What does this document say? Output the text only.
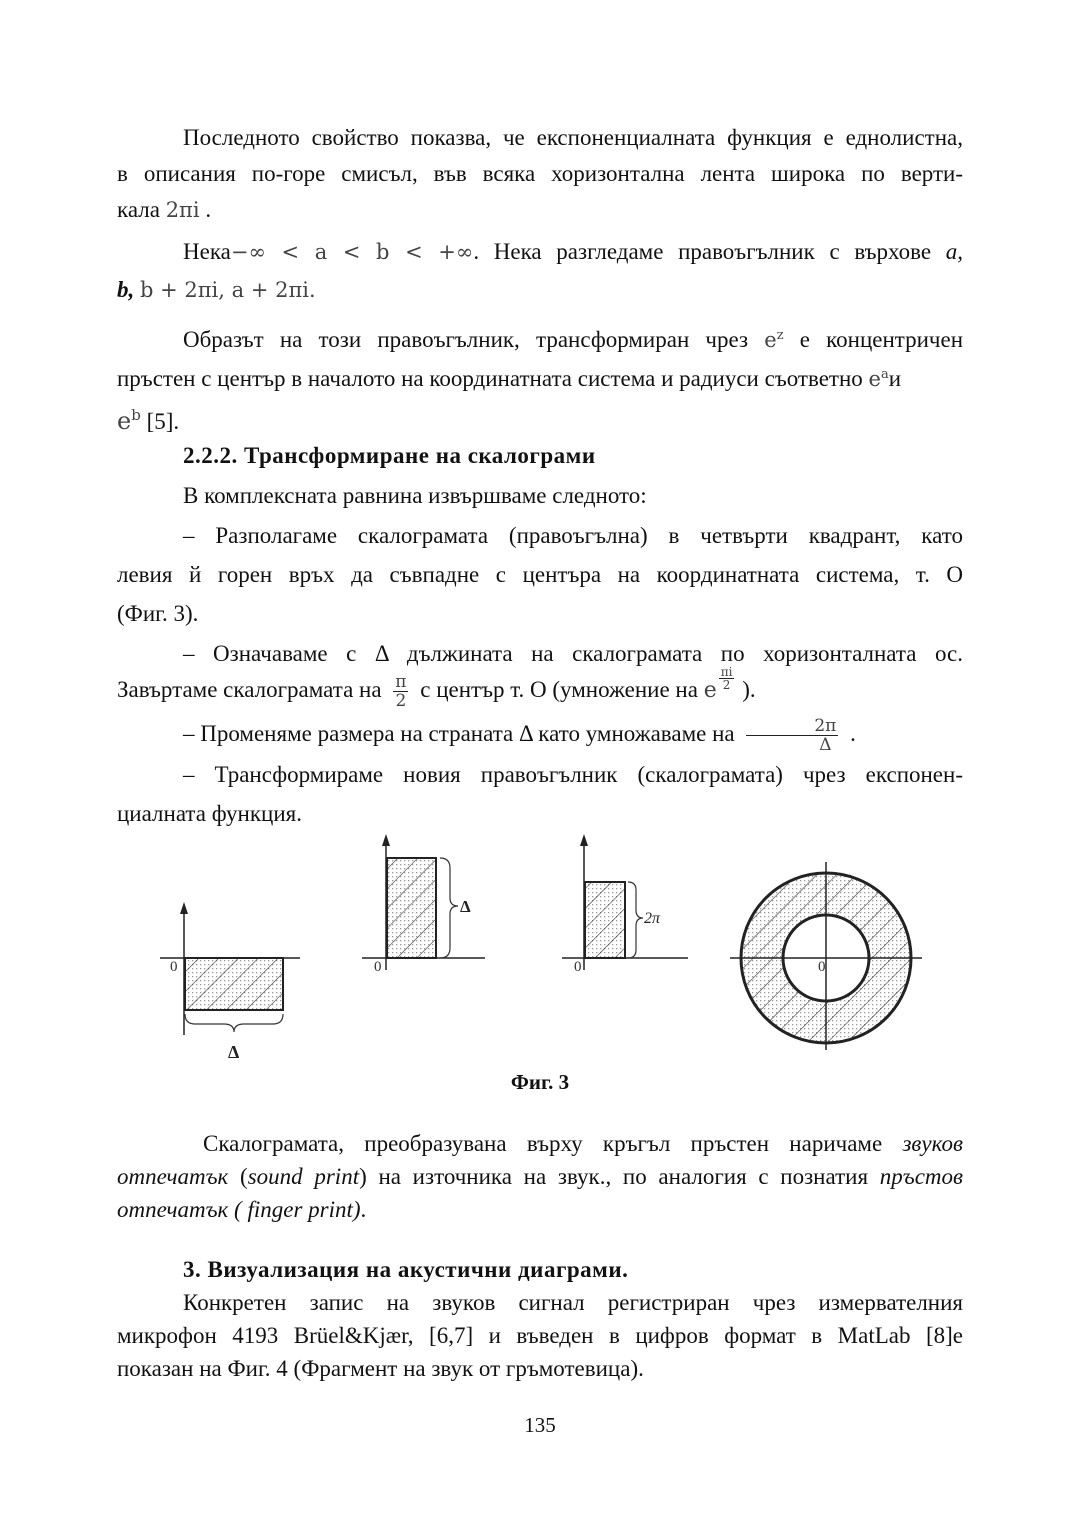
Последното свойство показва, че експоненциалната функция е еднолистна,
в описания по-горе смисъл, във всяка хоризонтална лента широка по верти-
кала 2πi .
Нека−∞ < a < b < +∞. Нека разгледаме правоъгълник с върхове a,
b, b + 2πi, a + 2πi.
Образът на този правоъгълник, трансформиран чрез $e^z$ е концентричен
пръстен с център в началото на координатната система и радиуси съответно $e^aи$
$e^b$ [5].
2.2.2. Трансформиране на скалограми
В комплексната равнина извършваме следното:
– Разполагаме скалограмата (правоъгълна) в четвърти квадрант, като
левия й горен връх да съвпадне с центъра на координатната система, т. О
(Фиг. 3).
– Означаваме с Δ дължината на скалограмата по хоризонталната ос.
Завъртаме скалограмата на $\frac{\pi}{2}$ с център т. О (умножение на e $^{\frac{\pi i}{2}}$ ).
– Променяме размера на страната Δ като умножаваме на $\frac{2\pi}{\Delta}$ .
– Трансформираме новия правоъгълник (скалограмата) чрез експонен-
циалната функция.
0
Δ
0
Δ
0
2π
0
Фиг. 3
Скалограмата, преобразувана върху кръгъл пръстен наричаме звуков
отпечатък (sound print) на източника на звук., по аналогия с познатия пръстов
отпечатък ( finger print).
3. Визуализация на акустични диаграми.
Конкретен запис на звуков сигнал регистриран чрез измервателния
микрофон 4193 Brüel&Kjær, [6,7] и въведен в цифров формат в MatLab [8]е
показан на Фиг. 4 (Фрагмент на звук от гръмотевица).
135
